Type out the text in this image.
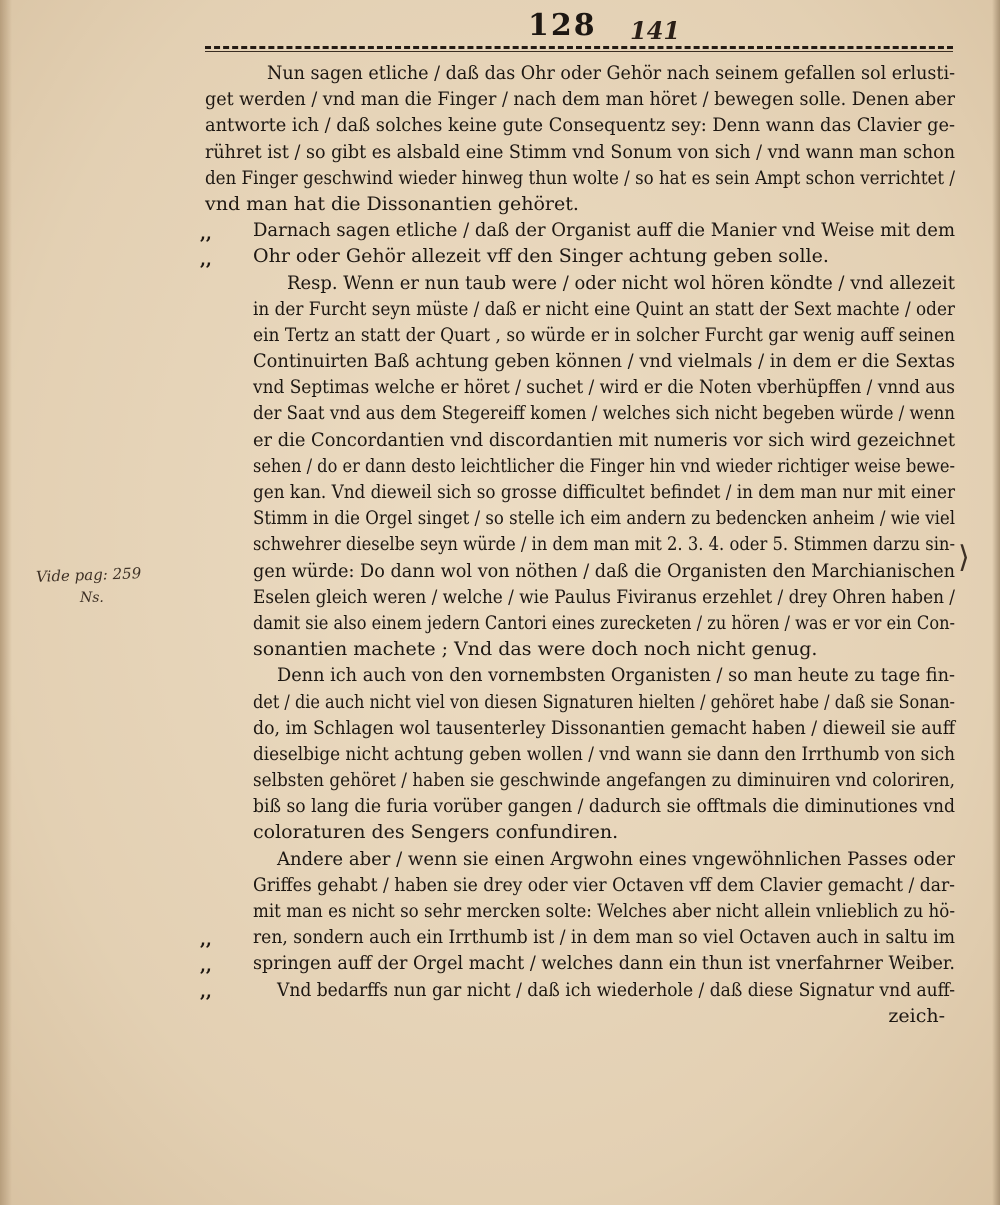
128 141
Vide pag: 259
Ns.
⟩
,,
,,
,,
,,
,,
Nun sagen etliche / daß das Ohr oder Gehör nach seinem gefallen sol erlusti-
get werden / vnd man die Finger / nach dem man höret / bewegen solle. Denen aber
antworte ich / daß solches keine gute Consequentz sey: Denn wann das Clavier ge-
rühret ist / so gibt es alsbald eine Stimm vnd Sonum von sich / vnd wann man schon
den Finger geschwind wieder hinweg thun wolte / so hat es sein Ampt schon verrichtet /
vnd man hat die Dissonantien gehöret.
Darnach sagen etliche / daß der Organist auff die Manier vnd Weise mit dem
Ohr oder Gehör allezeit vff den Singer achtung geben solle.
Resp. Wenn er nun taub were / oder nicht wol hören köndte / vnd allezeit
in der Furcht seyn müste / daß er nicht eine Quint an statt der Sext machte / oder
ein Tertz an statt der Quart , so würde er in solcher Furcht gar wenig auff seinen
Continuirten Baß achtung geben können / vnd vielmals / in dem er die Sextas
vnd Septimas welche er höret / suchet / wird er die Noten vberhüpffen / vnnd aus
der Saat vnd aus dem Stegereiff komen / welches sich nicht begeben würde / wenn
er die Concordantien vnd discordantien mit numeris vor sich wird gezeichnet
sehen / do er dann desto leichtlicher die Finger hin vnd wieder richtiger weise bewe-
gen kan. Vnd dieweil sich so grosse difficultet befindet / in dem man nur mit einer
Stimm in die Orgel singet / so stelle ich eim andern zu bedencken anheim / wie viel
schwehrer dieselbe seyn würde / in dem man mit 2. 3. 4. oder 5. Stimmen darzu sin-
gen würde: Do dann wol von nöthen / daß die Organisten den Marchianischen
Eselen gleich weren / welche / wie Paulus Fiviranus erzehlet / drey Ohren haben /
damit sie also einem jedern Cantori eines zurecketen / zu hören / was er vor ein Con-
sonantien machete ; Vnd das were doch noch nicht genug.
Denn ich auch von den vornembsten Organisten / so man heute zu tage fin-
det / die auch nicht viel von diesen Signaturen hielten / gehöret habe / daß sie Sonan-
do, im Schlagen wol tausenterley Dissonantien gemacht haben / dieweil sie auff
dieselbige nicht achtung geben wollen / vnd wann sie dann den Irrthumb von sich
selbsten gehöret / haben sie geschwinde angefangen zu diminuiren vnd coloriren,
biß so lang die furia vorüber gangen / dadurch sie offtmals die diminutiones vnd
coloraturen des Sengers confundiren.
Andere aber / wenn sie einen Argwohn eines vngewöhnlichen Passes oder
Griffes gehabt / haben sie drey oder vier Octaven vff dem Clavier gemacht / dar-
mit man es nicht so sehr mercken solte: Welches aber nicht allein vnlieblich zu hö-
ren, sondern auch ein Irrthumb ist / in dem man so viel Octaven auch in saltu im
springen auff der Orgel macht / welches dann ein thun ist vnerfahrner Weiber.
Vnd bedarffs nun gar nicht / daß ich wiederhole / daß diese Signatur vnd auff-
zeich-
